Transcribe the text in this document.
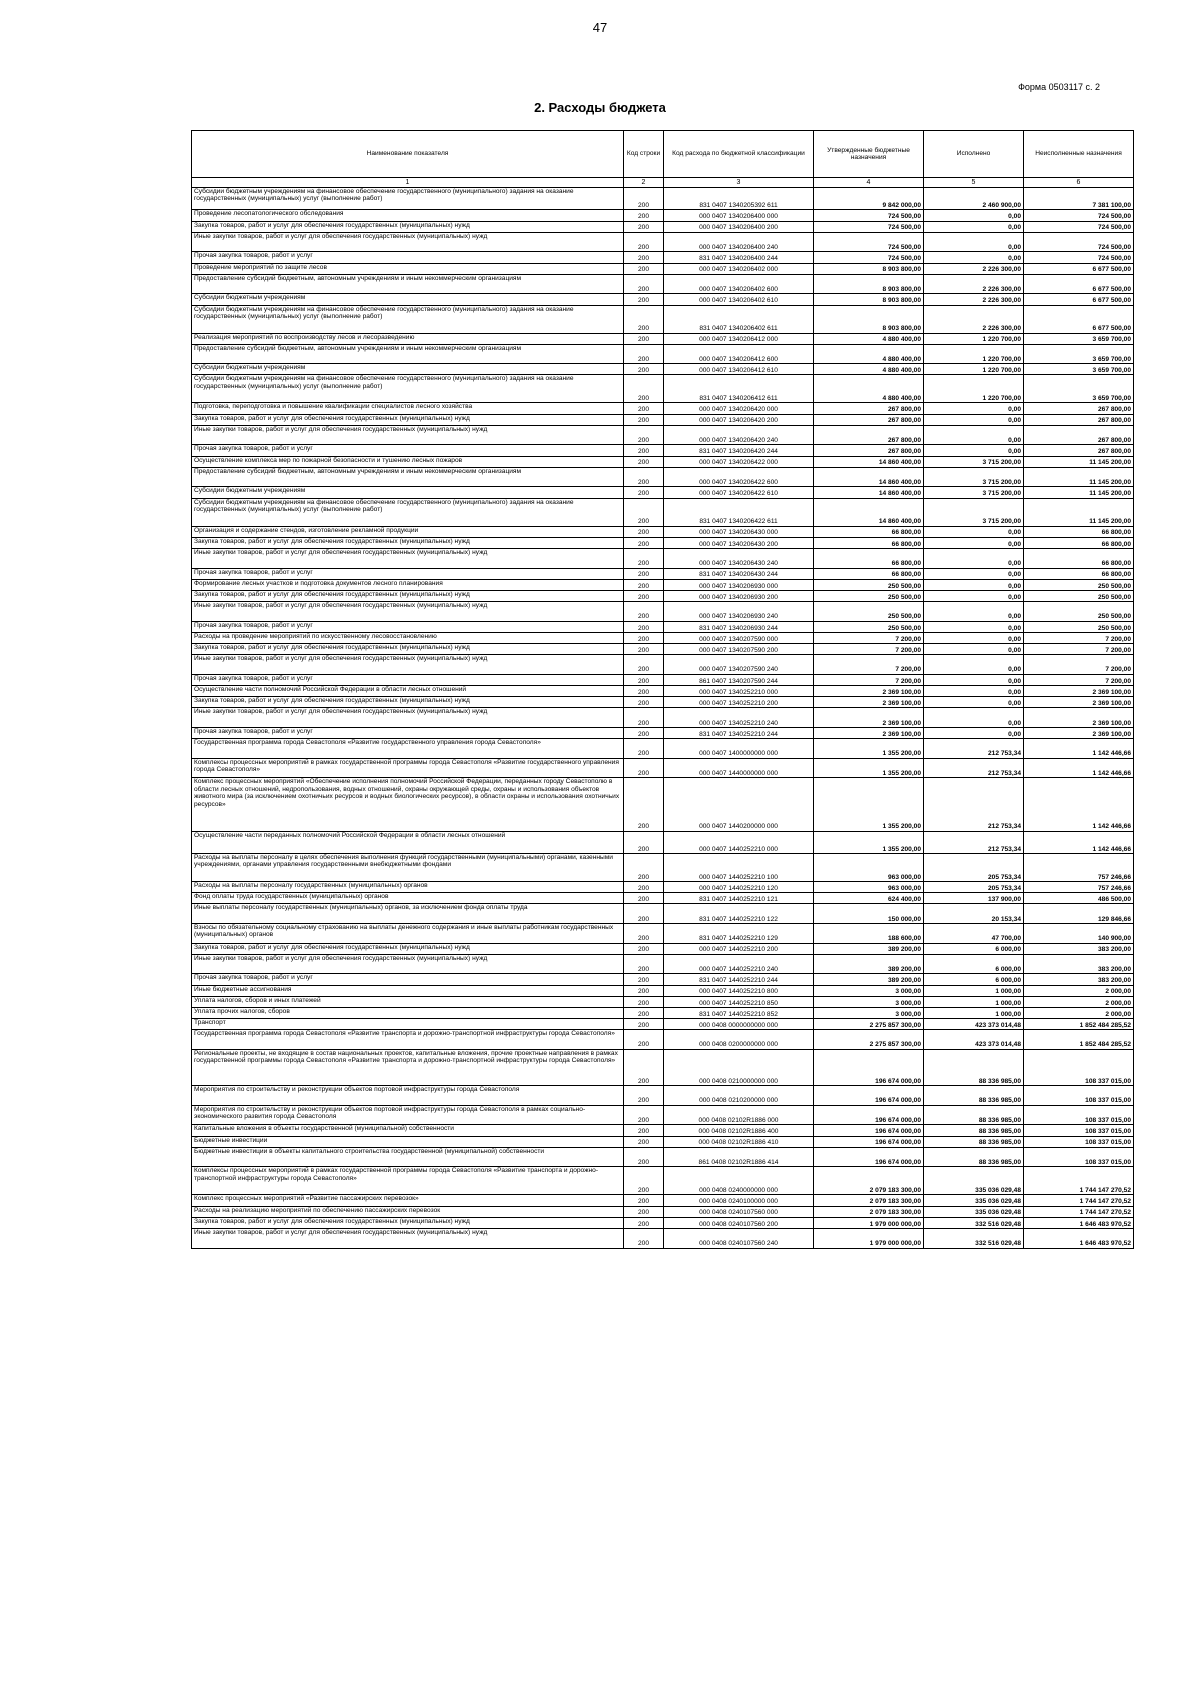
47
Форма 0503117 с. 2
2. Расходы бюджета
Наименование показателя	Код строки	Код расхода по бюджетной классификации	Утвержденные бюджетные назначения	Исполнено	Неисполненные назначения
1	2	3	4	5	6
Субсидии бюджетным учреждениям на финансовое обеспечение государственного (муниципального) задания на оказание государственных (муниципальных) услуг (выполнение работ)	200	831 0407 1340205392 611	9 842 000,00	2 460 900,00	7 381 100,00
Проведение лесопатологического обследования	200	000 0407 1340206400 000	724 500,00	0,00	724 500,00
Закупка товаров, работ и услуг для обеспечения государственных (муниципальных) нужд	200	000 0407 1340206400 200	724 500,00	0,00	724 500,00
Иные закупки товаров, работ и услуг для обеспечения государственных (муниципальных) нужд	200	000 0407 1340206400 240	724 500,00	0,00	724 500,00
Прочая закупка товаров, работ и услуг	200	831 0407 1340206400 244	724 500,00	0,00	724 500,00
Проведение мероприятий по защите лесов	200	000 0407 1340206402 000	8 903 800,00	2 226 300,00	6 677 500,00
Предоставление субсидий бюджетным, автономным учреждениям и иным некоммерческим организациям	200	000 0407 1340206402 600	8 903 800,00	2 226 300,00	6 677 500,00
Субсидии бюджетным учреждениям	200	000 0407 1340206402 610	8 903 800,00	2 226 300,00	6 677 500,00
Субсидии бюджетным учреждениям на финансовое обеспечение государственного (муниципального) задания на оказание государственных (муниципальных) услуг (выполнение работ)	200	831 0407 1340206402 611	8 903 800,00	2 226 300,00	6 677 500,00
Реализация мероприятий по воспроизводству лесов и лесоразведению	200	000 0407 1340206412 000	4 880 400,00	1 220 700,00	3 659 700,00
Предоставление субсидий бюджетным, автономным учреждениям и иным некоммерческим организациям	200	000 0407 1340206412 600	4 880 400,00	1 220 700,00	3 659 700,00
Субсидии бюджетным учреждениям	200	000 0407 1340206412 610	4 880 400,00	1 220 700,00	3 659 700,00
Субсидии бюджетным учреждениям на финансовое обеспечение государственного (муниципального) задания на оказание государственных (муниципальных) услуг (выполнение работ)	200	831 0407 1340206412 611	4 880 400,00	1 220 700,00	3 659 700,00
Подготовка, переподготовка и повышение квалификации специалистов лесного хозяйства	200	000 0407 1340206420 000	267 800,00	0,00	267 800,00
Закупка товаров, работ и услуг для обеспечения государственных (муниципальных) нужд	200	000 0407 1340206420 200	267 800,00	0,00	267 800,00
Иные закупки товаров, работ и услуг для обеспечения государственных (муниципальных) нужд	200	000 0407 1340206420 240	267 800,00	0,00	267 800,00
Прочая закупка товаров, работ и услуг	200	831 0407 1340206420 244	267 800,00	0,00	267 800,00
Осуществление комплекса мер по пожарной безопасности и тушению лесных пожаров	200	000 0407 1340206422 000	14 860 400,00	3 715 200,00	11 145 200,00
Предоставление субсидий бюджетным, автономным учреждениям и иным некоммерческим организациям	200	000 0407 1340206422 600	14 860 400,00	3 715 200,00	11 145 200,00
Субсидии бюджетным учреждениям	200	000 0407 1340206422 610	14 860 400,00	3 715 200,00	11 145 200,00
Субсидии бюджетным учреждениям на финансовое обеспечение государственного (муниципального) задания на оказание государственных (муниципальных) услуг (выполнение работ)	200	831 0407 1340206422 611	14 860 400,00	3 715 200,00	11 145 200,00
Организация и содержание стендов, изготовление рекламной продукции	200	000 0407 1340206430 000	66 800,00	0,00	66 800,00
Закупка товаров, работ и услуг для обеспечения государственных (муниципальных) нужд	200	000 0407 1340206430 200	66 800,00	0,00	66 800,00
Иные закупки товаров, работ и услуг для обеспечения государственных (муниципальных) нужд	200	000 0407 1340206430 240	66 800,00	0,00	66 800,00
Прочая закупка товаров, работ и услуг	200	831 0407 1340206430 244	66 800,00	0,00	66 800,00
Формирование лесных участков и подготовка документов лесного планирования	200	000 0407 1340206930 000	250 500,00	0,00	250 500,00
Закупка товаров, работ и услуг для обеспечения государственных (муниципальных) нужд	200	000 0407 1340206930 200	250 500,00	0,00	250 500,00
Иные закупки товаров, работ и услуг для обеспечения государственных (муниципальных) нужд	200	000 0407 1340206930 240	250 500,00	0,00	250 500,00
Прочая закупка товаров, работ и услуг	200	831 0407 1340206930 244	250 500,00	0,00	250 500,00
Расходы на проведение мероприятий по искусственному лесовосстановлению	200	000 0407 1340207590 000	7 200,00	0,00	7 200,00
Закупка товаров, работ и услуг для обеспечения государственных (муниципальных) нужд	200	000 0407 1340207590 200	7 200,00	0,00	7 200,00
Иные закупки товаров, работ и услуг для обеспечения государственных (муниципальных) нужд	200	000 0407 1340207590 240	7 200,00	0,00	7 200,00
Прочая закупка товаров, работ и услуг	200	861 0407 1340207590 244	7 200,00	0,00	7 200,00
Осуществление части полномочий Российской Федерации в области лесных отношений	200	000 0407 1340252210 000	2 369 100,00	0,00	2 369 100,00
Закупка товаров, работ и услуг для обеспечения государственных (муниципальных) нужд	200	000 0407 1340252210 200	2 369 100,00	0,00	2 369 100,00
Иные закупки товаров, работ и услуг для обеспечения государственных (муниципальных) нужд	200	000 0407 1340252210 240	2 369 100,00	0,00	2 369 100,00
Прочая закупка товаров, работ и услуг	200	831 0407 1340252210 244	2 369 100,00	0,00	2 369 100,00
Государственная программа города Севастополя «Развитие государственного управления города Севастополя»	200	000 0407 1400000000 000	1 355 200,00	212 753,34	1 142 446,66
Комплексы процессных мероприятий в рамках государственной программы города Севастополя «Развитие государственного управления города Севастополя»	200	000 0407 1440000000 000	1 355 200,00	212 753,34	1 142 446,66
Комплекс процессных мероприятий «Обеспечение исполнения полномочий Российской Федерации, переданных городу Севастополю в области лесных отношений, недропользования, водных отношений, охраны окружающей среды, охраны и использования объектов животного мира (за исключением охотничьих ресурсов и водных биологических ресурсов), в области охраны и использования охотничьих ресурсов»	200	000 0407 1440200000 000	1 355 200,00	212 753,34	1 142 446,66
Осуществление части переданных полномочий Российской Федерации в области лесных отношений	200	000 0407 1440252210 000	1 355 200,00	212 753,34	1 142 446,66
Расходы на выплаты персоналу в целях обеспечения выполнения функций государственными (муниципальными) органами, казенными учреждениями, органами управления государственными внебюджетными фондами	200	000 0407 1440252210 100	963 000,00	205 753,34	757 246,66
Расходы на выплаты персоналу государственных (муниципальных) органов	200	000 0407 1440252210 120	963 000,00	205 753,34	757 246,66
Фонд оплаты труда государственных (муниципальных) органов	200	831 0407 1440252210 121	624 400,00	137 900,00	486 500,00
Иные выплаты персоналу государственных (муниципальных) органов, за исключением фонда оплаты труда	200	831 0407 1440252210 122	150 000,00	20 153,34	129 846,66
Взносы по обязательному социальному страхованию на выплаты денежного содержания и иные выплаты работникам государственных (муниципальных) органов	200	831 0407 1440252210 129	188 600,00	47 700,00	140 900,00
Закупка товаров, работ и услуг для обеспечения государственных (муниципальных) нужд	200	000 0407 1440252210 200	389 200,00	6 000,00	383 200,00
Иные закупки товаров, работ и услуг для обеспечения государственных (муниципальных) нужд	200	000 0407 1440252210 240	389 200,00	6 000,00	383 200,00
Прочая закупка товаров, работ и услуг	200	831 0407 1440252210 244	389 200,00	6 000,00	383 200,00
Иные бюджетные ассигнования	200	000 0407 1440252210 800	3 000,00	1 000,00	2 000,00
Уплата налогов, сборов и иных платежей	200	000 0407 1440252210 850	3 000,00	1 000,00	2 000,00
Уплата прочих налогов, сборов	200	831 0407 1440252210 852	3 000,00	1 000,00	2 000,00
Транспорт	200	000 0408 0000000000 000	2 275 857 300,00	423 373 014,48	1 852 484 285,52
Государственная программа города Севастополя «Развитие транспорта и дорожно-транспортной инфраструктуры города Севастополя»	200	000 0408 0200000000 000	2 275 857 300,00	423 373 014,48	1 852 484 285,52
Региональные проекты, не входящие в состав национальных проектов, капитальные вложения, прочие проектные направления в рамках государственной программы города Севастополя «Развитие транспорта и дорожно-транспортной инфраструктуры города Севастополя»	200	000 0408 0210000000 000	196 674 000,00	88 336 985,00	108 337 015,00
Мероприятия по строительству и реконструкции объектов портовой инфраструктуры города Севастополя	200	000 0408 0210200000 000	196 674 000,00	88 336 985,00	108 337 015,00
Мероприятия по строительству и реконструкции объектов портовой инфраструктуры города Севастополя в рамках социально-экономического развития города Севастополя	200	000 0408 02102R1886 000	196 674 000,00	88 336 985,00	108 337 015,00
Капитальные вложения в объекты государственной (муниципальной) собственности	200	000 0408 02102R1886 400	196 674 000,00	88 336 985,00	108 337 015,00
Бюджетные инвестиции	200	000 0408 02102R1886 410	196 674 000,00	88 336 985,00	108 337 015,00
Бюджетные инвестиции в объекты капитального строительства государственной (муниципальной) собственности	200	861 0408 02102R1886 414	196 674 000,00	88 336 985,00	108 337 015,00
Комплексы процессных мероприятий в рамках государственной программы города Севастополя «Развитие транспорта и дорожно-транспортной инфраструктуры города Севастополя»	200	000 0408 0240000000 000	2 079 183 300,00	335 036 029,48	1 744 147 270,52
Комплекс процессных мероприятий «Развитие пассажирских перевозок»	200	000 0408 0240100000 000	2 079 183 300,00	335 036 029,48	1 744 147 270,52
Расходы на реализацию мероприятий по обеспечению пассажирских перевозок	200	000 0408 0240107560 000	2 079 183 300,00	335 036 029,48	1 744 147 270,52
Закупка товаров, работ и услуг для обеспечения государственных (муниципальных) нужд	200	000 0408 0240107560 200	1 979 000 000,00	332 516 029,48	1 646 483 970,52
Иные закупки товаров, работ и услуг для обеспечения государственных (муниципальных) нужд	200	000 0408 0240107560 240	1 979 000 000,00	332 516 029,48	1 646 483 970,52
